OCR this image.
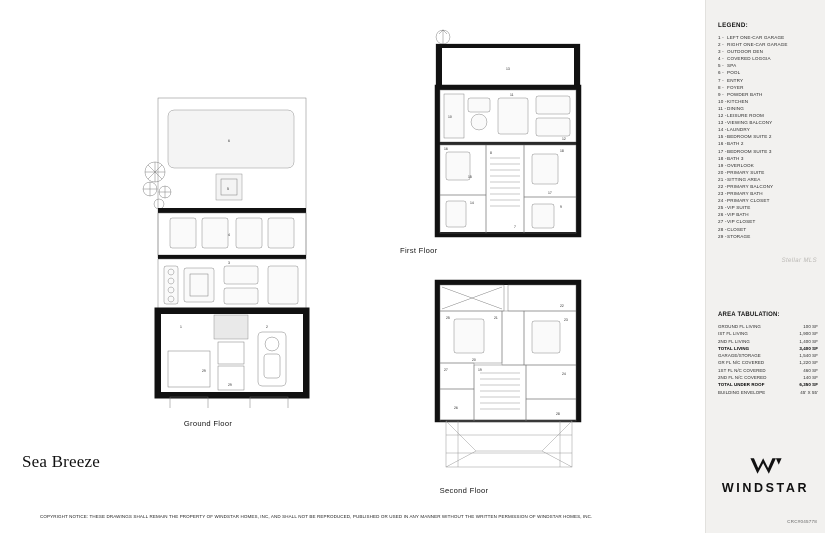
6
5
4
3
1	2
29
29
Ground Floor
13
10
11
12
16
15
14
8
7
18
17
9
First Floor
22
25	21
20
23
27
26
19
24
28
Second Floor
Sea Breeze
COPYRIGHT NOTICE: THESE DRAWINGS SHALL REMAIN THE PROPERTY OF WINDSTAR HOMES, INC, AND SHALL NOT BE REPRODUCED, PUBLISHED OR USED IN ANY MANNER WITHOUT THE WRITTEN PERMISSION OF WINDSTAR HOMES, INC.
LEGEND:
1 - LEFT ONE-CAR GARAGE
2 - RIGHT ONE-CAR GARAGE
3 - OUTDOOR DEN
4 - COVERED LOGGIA
5 - SPA
6 - POOL
7 - ENTRY
8 - FOYER
9 - POWDER BATH
10 -KITCHEN
11 -DINING
12 -LEISURE ROOM
13 -VIEWING BALCONY
14 -LAUNDRY
15 -BEDROOM SUITE 2
16 -BATH 2
17 -BEDROOM SUITE 3
18 -BATH 3
19 -OVERLOOK
20 -PRIMARY SUITE
21 -SITTING AREA
22 -PRIMARY BALCONY
23 -PRIMARY BATH
24 -PRIMARY CLOSET
25 -VIP SUITE
26 -VIP BATH
27 -VIP CLOSET
28 -CLOSET
29 -STORAGE
Stellar MLS
AREA TABULATION:
GROUND FL LIVING	100 SF
IST FL LIVING	1,900 SF
2ND FL LIVING	1,400 SF
TOTAL LIVING	3,400 SF
GARAGE/STORAGE	1,540 SF
GR FL N/C COVERED	1,220 SF
1ST FL N/C COVERED	460 SF
2ND FL N/C COVERED	140 SF
TOTAL UNDER ROOF	6,350 SF
BUILDING ENVELOPE	45' X 55'
WINDSTAR
CRC#045778
